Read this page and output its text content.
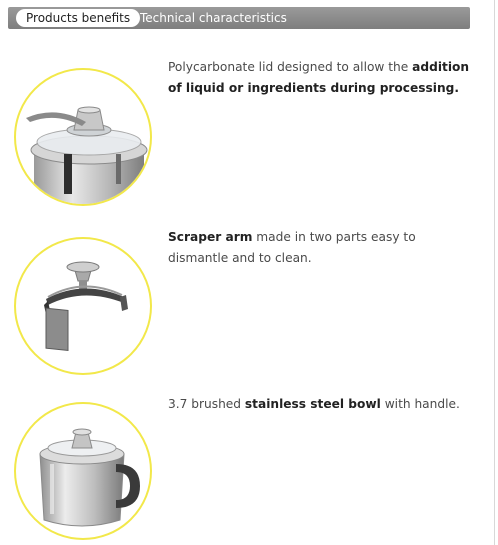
Products benefits Technical characteristics
Polycarbonate lid designed to allow the addition of liquid or ingredients during processing.
Scraper arm made in two parts easy to dismantle and to clean.
3.7 brushed stainless steel bowl with handle.
